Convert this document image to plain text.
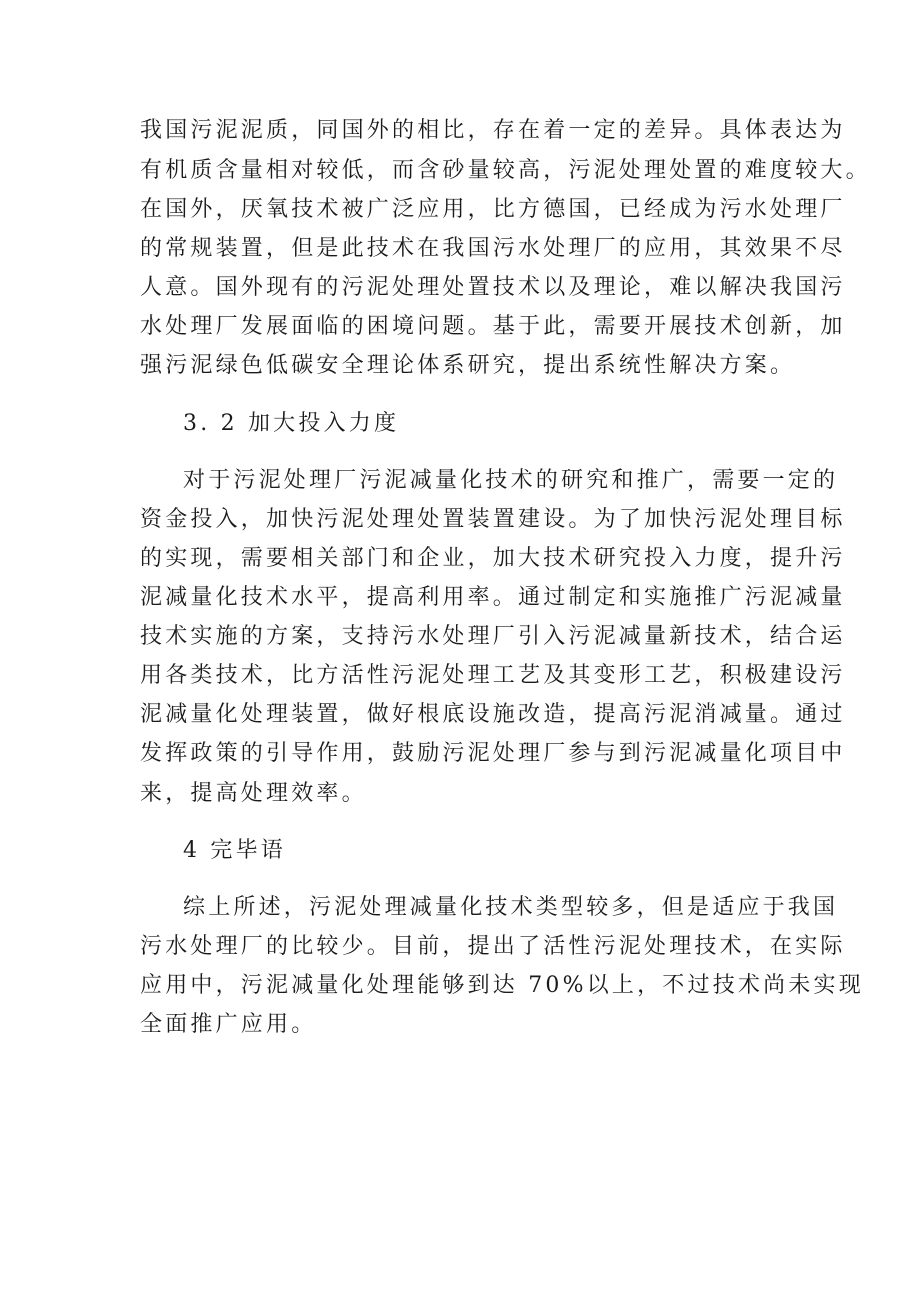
我国污泥泥质，同国外的相比，存在着一定的差异。具体表达为
有机质含量相对较低，而含砂量较高，污泥处理处置的难度较大。
在国外，厌氧技术被广泛应用，比方德国，已经成为污水处理厂
的常规装置，但是此技术在我国污水处理厂的应用，其效果不尽
人意。国外现有的污泥处理处置技术以及理论，难以解决我国污
水处理厂发展面临的困境问题。基于此，需要开展技术创新，加
强污泥绿色低碳安全理论体系研究，提出系统性解决方案。
3. 2 加大投入力度
对于污泥处理厂污泥减量化技术的研究和推广，需要一定的
资金投入，加快污泥处理处置装置建设。为了加快污泥处理目标
的实现，需要相关部门和企业，加大技术研究投入力度，提升污
泥减量化技术水平，提高利用率。通过制定和实施推广污泥减量
技术实施的方案，支持污水处理厂引入污泥减量新技术，结合运
用各类技术，比方活性污泥处理工艺及其变形工艺，积极建设污
泥减量化处理装置，做好根底设施改造，提高污泥消减量。通过
发挥政策的引导作用，鼓励污泥处理厂参与到污泥减量化项目中
来，提高处理效率。
4 完毕语
综上所述，污泥处理减量化技术类型较多，但是适应于我国
污水处理厂的比较少。目前，提出了活性污泥处理技术，在实际
应用中，污泥减量化处理能够到达 70%以上，不过技术尚未实现
全面推广应用。
